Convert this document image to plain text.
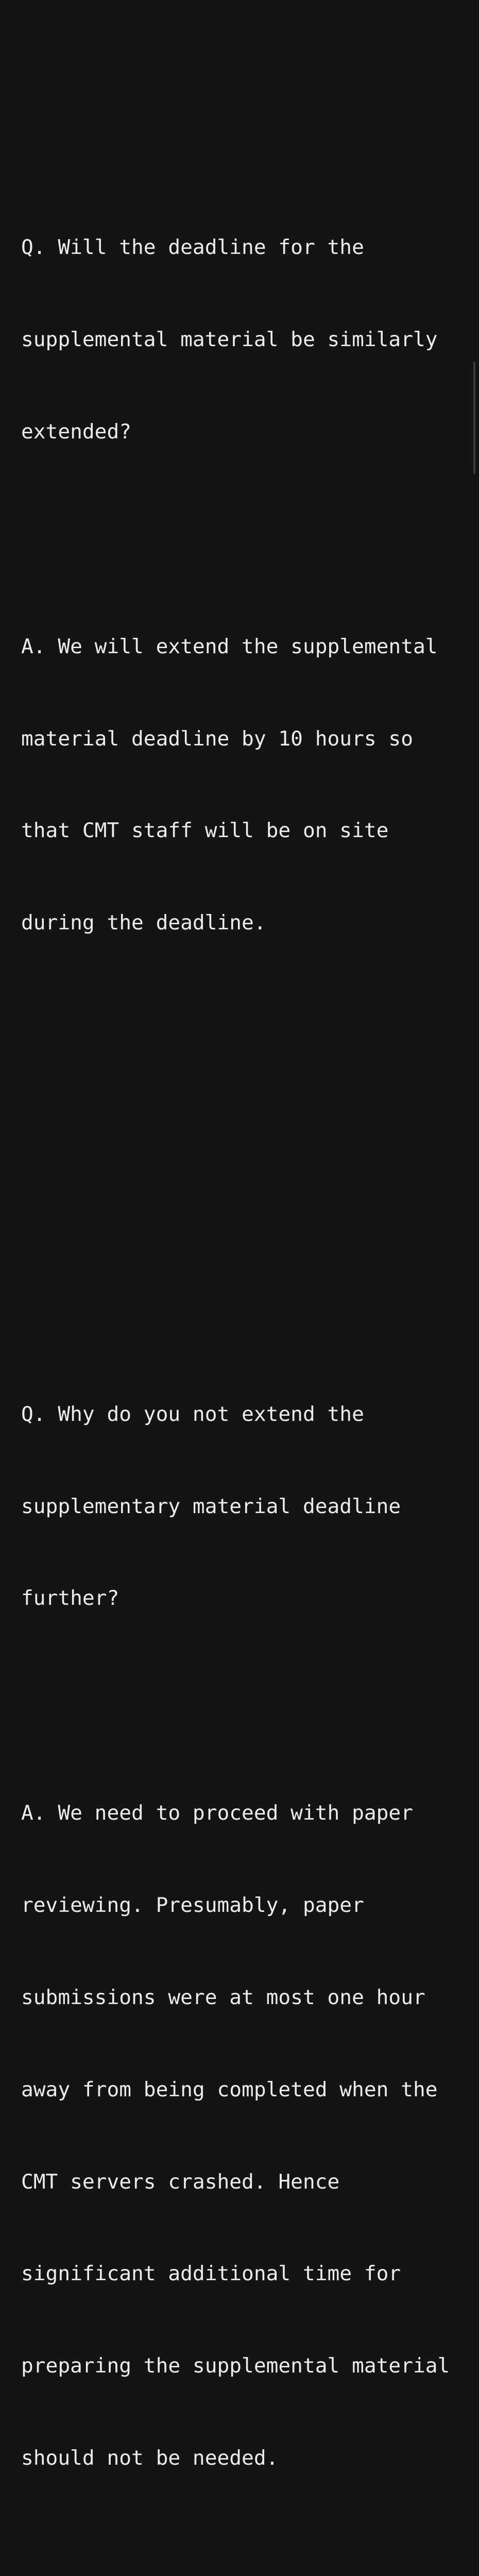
Q. Will the deadline for the

supplemental material be similarly

extended?

A. We will extend the supplemental

material deadline by 10 hours so

that CMT staff will be on site

during the deadline.

Q. Why do you not extend the

supplementary material deadline

further?

A. We need to proceed with paper

reviewing. Presumably, paper

submissions were at most one hour

away from being completed when the

CMT servers crashed. Hence

significant additional time for

preparing the supplemental material

should not be needed.
